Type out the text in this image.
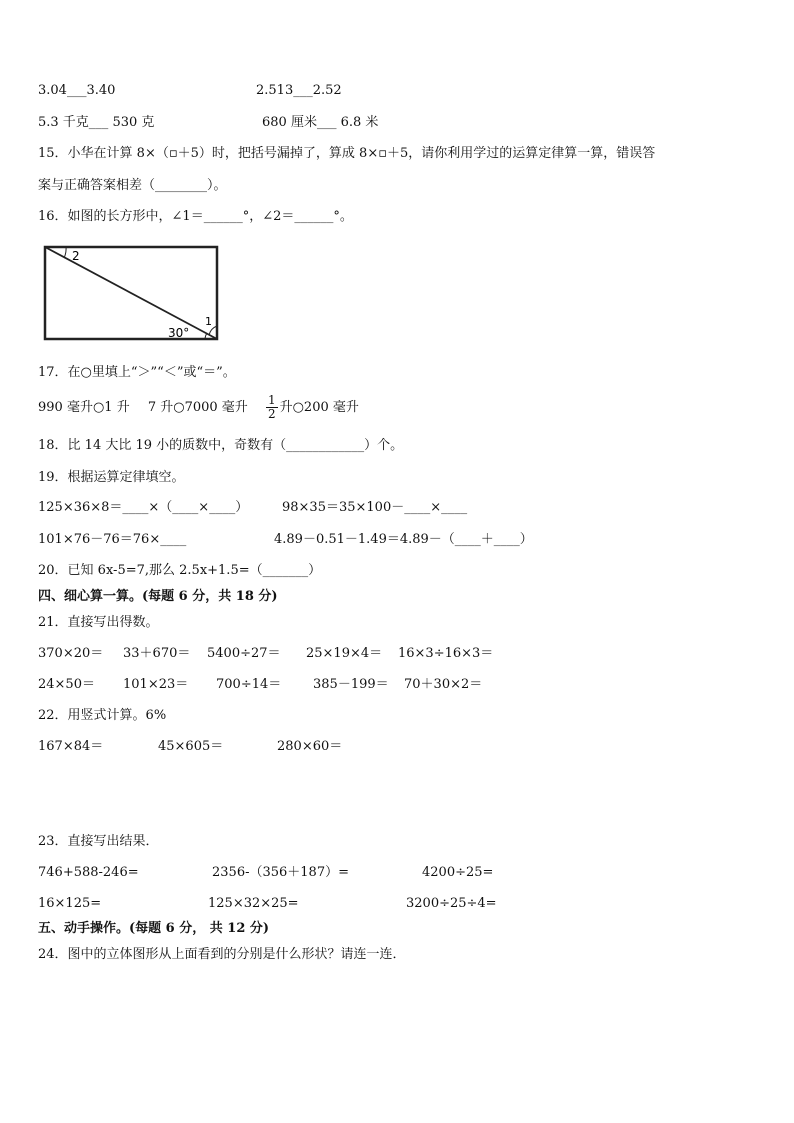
3.04___3.40	2.513___2.52
5.3 千克___ 530 克	680 厘米___ 6.8 米
15．小华在计算 8×（▫＋5）时，把括号漏掉了，算成 8×▫＋5，请你利用学过的运算定律算一算，错误答
案与正确答案相差（________）。
16．如图的长方形中，∠1＝______°，∠2＝______°。
2
1
30°
17．在○里填上“＞”“＜”或“＝”。
990 毫升○1 升 7 升○7000 毫升 $\frac{1}{2}$ 升○200 毫升
18．比 14 大比 19 小的质数中，奇数有（____________）个。
19．根据运算定律填空。
125×36×8＝____×（____×____）	98×35＝35×100－____×____
101×76－76＝76×____	4.89－0.51－1.49＝4.89－（____＋____）
20．已知 6x-5=7,那么 2.5x+1.5=（_______）
四、细心算一算。(每题 6 分，共 18 分)
21．直接写出得数。
370×20＝ 33＋670＝ 5400÷27＝ 25×19×4＝ 16×3÷16×3＝
24×50＝ 101×23＝ 700÷14＝ 385－199＝ 70＋30×2＝
22．用竖式计算。6%
167×84＝	45×605＝	280×60＝
23．直接写出结果．
746+588-246=	2356-（356＋187）=	4200÷25=
16×125=	125×32×25=	3200÷25÷4=
五、动手操作。(每题 6 分， 共 12 分)
24．图中的立体图形从上面看到的分别是什么形状？请连一连．
